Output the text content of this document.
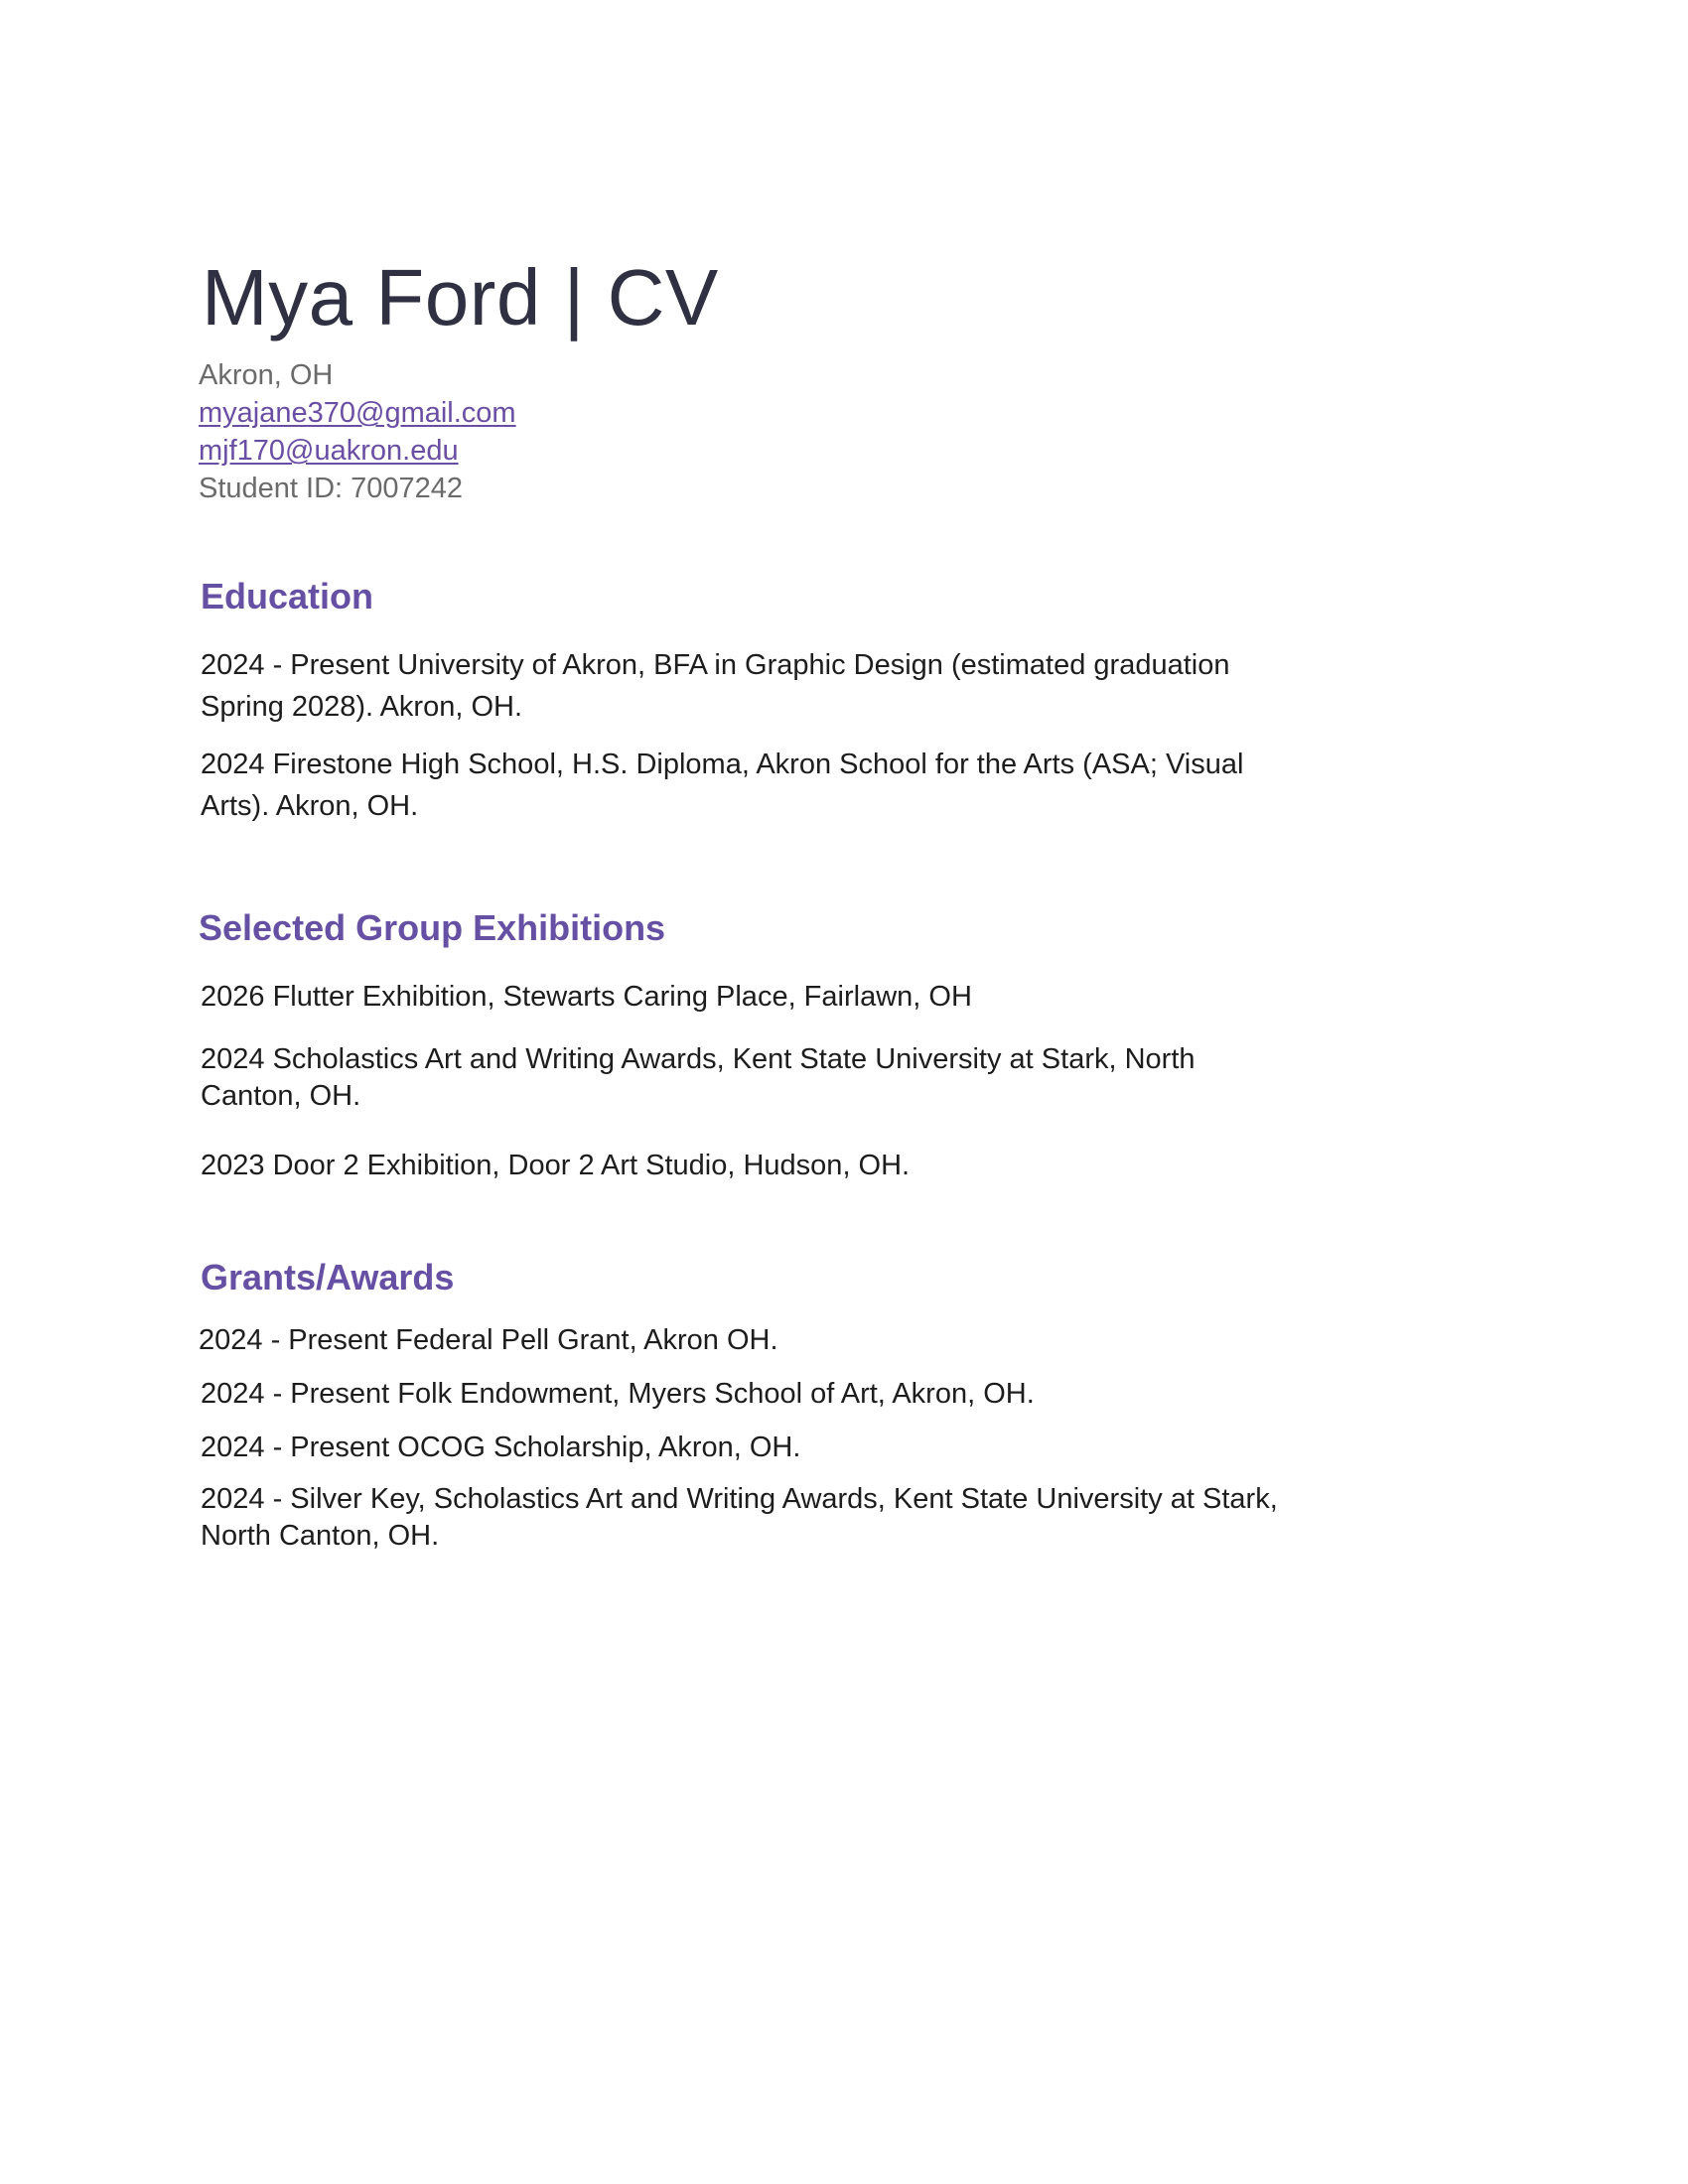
Mya Ford | CV
Akron, OH
myajane370@gmail.com
mjf170@uakron.edu
Student ID: 7007242
Education
2024 - Present University of Akron, BFA in Graphic Design (estimated graduation Spring 2028). Akron, OH.
2024 Firestone High School, H.S. Diploma, Akron School for the Arts (ASA; Visual Arts). Akron, OH.
Selected Group Exhibitions
2026 Flutter Exhibition, Stewarts Caring Place, Fairlawn, OH
2024 Scholastics Art and Writing Awards, Kent State University at Stark, North Canton, OH.
2023 Door 2 Exhibition, Door 2 Art Studio, Hudson, OH.
Grants/Awards
2024 - Present Federal Pell Grant, Akron OH.
2024 - Present Folk Endowment, Myers School of Art, Akron, OH.
2024 - Present OCOG Scholarship, Akron, OH.
2024 - Silver Key, Scholastics Art and Writing Awards, Kent State University at Stark, North Canton, OH.
